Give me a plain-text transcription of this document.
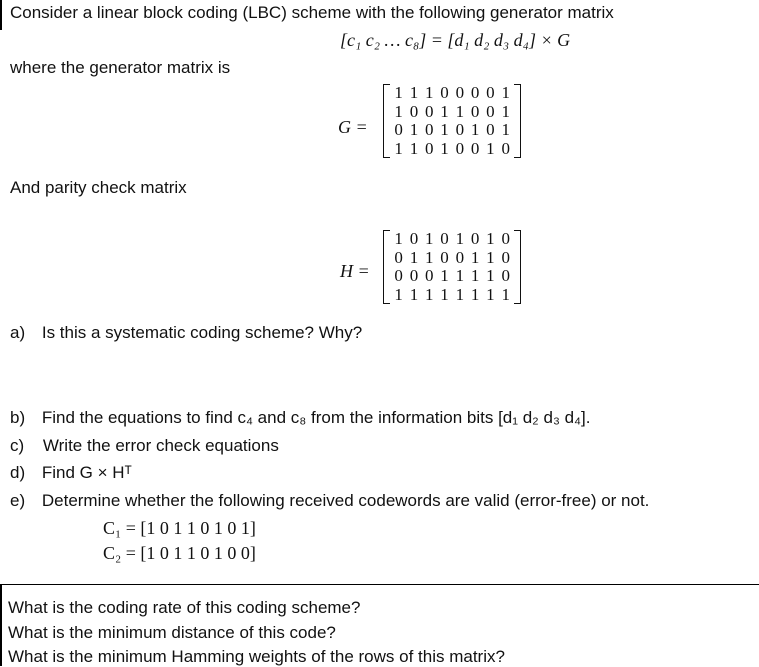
Consider a linear block coding (LBC) scheme with the following generator matrix
[c₁ c₂ … c₈] = [d₁ d₂ d₃ d₄] × G
where the generator matrix is
G =
1 1 1 0 0 0 0 1
1 0 0 1 1 0 0 1
0 1 0 1 0 1 0 1
1 1 0 1 0 0 1 0
And parity check matrix
H =
1 0 1 0 1 0 1 0
0 1 1 0 0 1 1 0
0 0 0 1 1 1 1 0
1 1 1 1 1 1 1 1
a) Is this a systematic coding scheme? Why?
b) Find the equations to find c₄ and c₈ from the information bits [d₁ d₂ d₃ d₄].
c) Write the error check equations
d) Find G × Hᵀ
e) Determine whether the following received codewords are valid (error-free) or not.
C₁ = [1 0 1 1 0 1 0 1]
C₂ = [1 0 1 1 0 1 0 0]
What is the coding rate of this coding scheme?
What is the minimum distance of this code?
What is the minimum Hamming weights of the rows of this matrix?
